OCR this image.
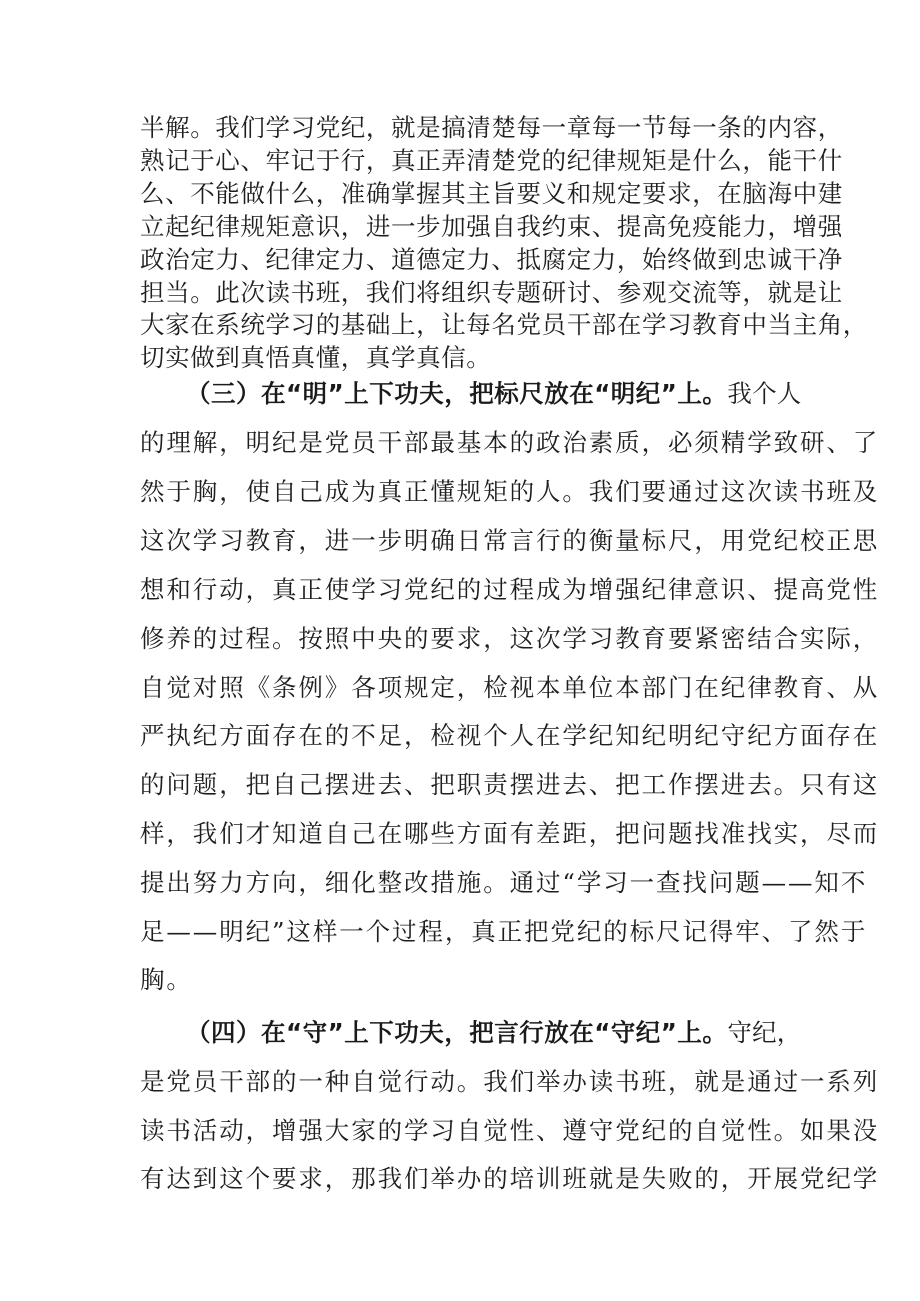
半解。我们学习党纪，就是搞清楚每一章每一节每一条的内容，
熟记于心、牢记于行，真正弄清楚党的纪律规矩是什么，能干什
么、不能做什么，准确掌握其主旨要义和规定要求，在脑海中建
立起纪律规矩意识，进一步加强自我约束、提高免疫能力，增强
政治定力、纪律定力、道德定力、抵腐定力，始终做到忠诚干净
担当。此次读书班，我们将组织专题研讨、参观交流等，就是让
大家在系统学习的基础上，让每名党员干部在学习教育中当主角，
切实做到真悟真懂，真学真信。
（三）在“明”上下功夫，把标尺放在“明纪”上。我个人
的理解，明纪是党员干部最基本的政治素质，必须精学致研、了
然于胸，使自己成为真正懂规矩的人。我们要通过这次读书班及
这次学习教育，进一步明确日常言行的衡量标尺，用党纪校正思
想和行动，真正使学习党纪的过程成为增强纪律意识、提高党性
修养的过程。按照中央的要求，这次学习教育要紧密结合实际，
自觉对照《条例》各项规定，检视本单位本部门在纪律教育、从
严执纪方面存在的不足，检视个人在学纪知纪明纪守纪方面存在
的问题，把自己摆进去、把职责摆进去、把工作摆进去。只有这
样，我们才知道自己在哪些方面有差距，把问题找准找实，尽而
提出努力方向，细化整改措施。通过“学习一查找问题——知不
足——明纪”这样一个过程，真正把党纪的标尺记得牢、了然于
胸。
（四）在“守”上下功夫，把言行放在“守纪”上。守纪，
是党员干部的一种自觉行动。我们举办读书班，就是通过一系列
读书活动，增强大家的学习自觉性、遵守党纪的自觉性。如果没
有达到这个要求，那我们举办的培训班就是失败的，开展党纪学
